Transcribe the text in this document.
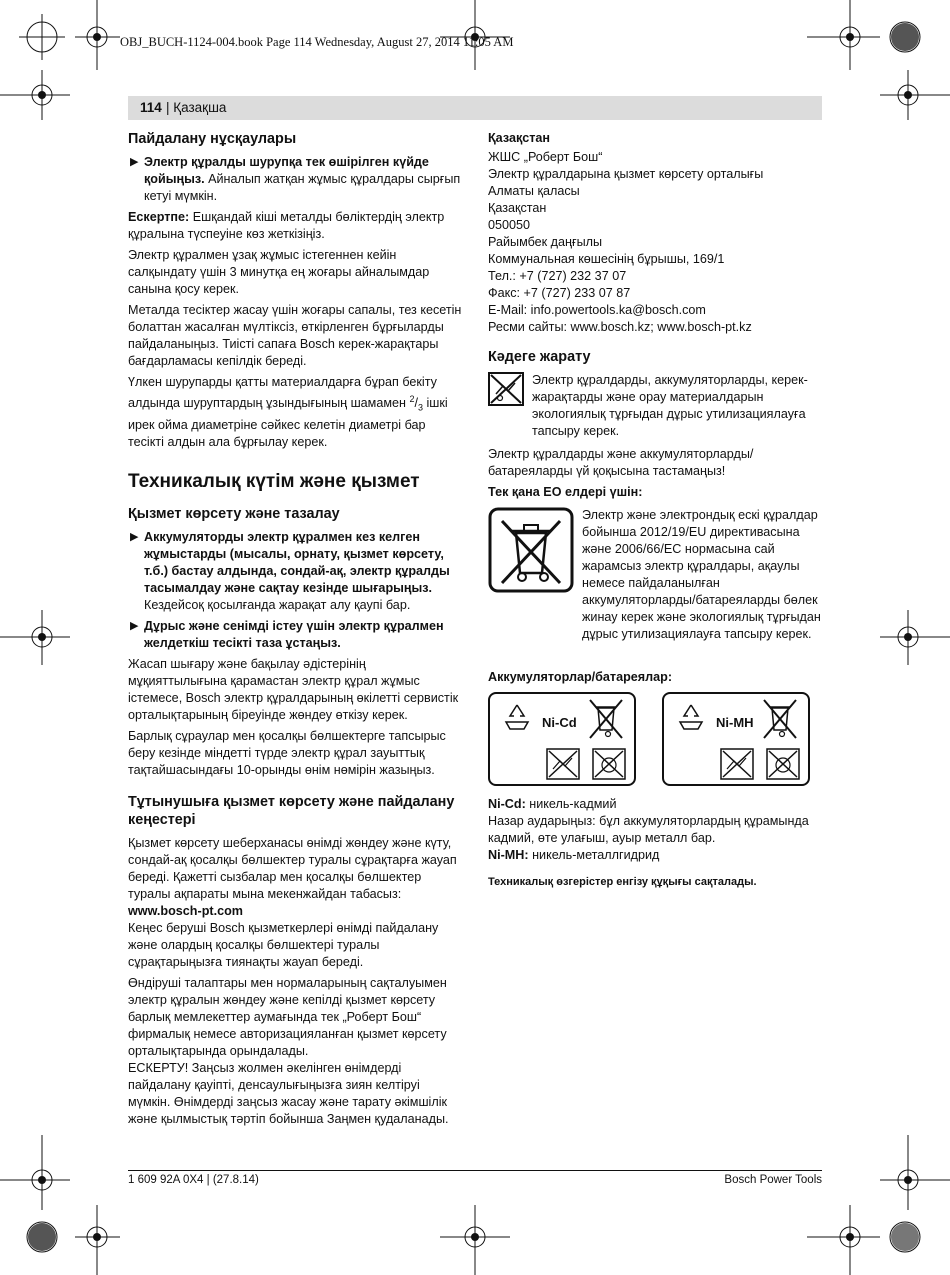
OBJ_BUCH-1124-004.book Page 114 Wednesday, August 27, 2014 11:05 AM
114 | Қазақша
Пайдалану нұсқаулары
▶ Электр құралды шурупқа тек өшірілген күйде қойыңыз. Айналып жатқан жұмыс құралдары сырғып кетуі мүмкін.

Ескертпе: Ешқандай кіші металды бөліктердің электр құралына түспеуіне көз жеткізіңіз.

Электр құралмен ұзақ жұмыс істегеннен кейін салқындату үшін 3 минутқа ең жоғары айналымдар санына қосу керек.

Металда тесіктер жасау үшін жоғары сапалы, тез кесетін болаттан жасалған мүлтіксіз, өткірленген бұрғыларды пайдаланыңыз. Тиісті сапаға Bosch керек-жарақтары бағдарламасы кепілдік береді.

Үлкен шурупарды қатты материалдарға бұрап бекіту алдында шуруптардың ұзындығының шамамен $^2/_3$ ішкі ирек ойма диаметріне сәйкес келетін диаметрі бар тесікті алдын ала бұрғылау керек.

Техникалық күтім және қызмет
Қызмет көрсету және тазалау
▶ Аккумуляторды электр құралмен кез келген жұмыстарды (мысалы, орнату, қызмет көрсету, т.б.) бастау алдында, сондай-ақ, электр құралды тасымалдау және сақтау кезінде шығарыңыз. Кездейсоқ қосылғанда жарақат алу қаупі бар.
▶ Дұрыс және сенімді істеу үшін электр құралмен желдеткіш тесікті таза ұстаңыз.

Жасап шығару және бақылау әдістерінің мұқияттылығына қарамастан электр құрал жұмыс істемесе, Bosch электр құралдарының өкілетті сервистік орталықтарының біреуінде жөндеу өткізу керек.

Барлық сұраулар мен қосалқы бөлшектерге тапсырыс беру кезінде міндетті түрде электр құрал зауыттық тақтайшасындағы 10-орынды өнім нөмірін жазыңыз.

Тұтынушыға қызмет көрсету және пайдалану кеңестері

Қызмет көрсету шеберханасы өнімді жөндеу және күту, сондай-ақ қосалқы бөлшектер туралы сұрақтарға жауап береді. Қажетті сызбалар мен қосалқы бөлшектер туралы ақпараты мына мекенжайдан табасыз:
www.bosch-pt.com

Кеңес беруші Bosch қызметкерлері өнімді пайдалану және олардың қосалқы бөлшектері туралы сұрақтарыңызға тиянақты жауап береді.

Өндіруші талаптары мен нормаларының сақталуымен электр құралын жөндеу және кепілді қызмет көрсету барлық мемлекеттер аумағында тек „Роберт Бош“ фирмалық немесе авторизацияланған қызмет көрсету орталықтарында орындалады.

ЕСКЕРТУ! Заңсыз жолмен әкелінген өнімдерді пайдалану қауіпті, денсаулығыңызға зиян келтіруі мүмкін. Өнімдерді заңсыз жасау және тарату әкімшілік және қылмыстық тәртіп бойынша Заңмен қудаланады.

Қазақстан
ЖШС „Роберт Бош“
Электр құралдарына қызмет көрсету орталығы
Алматы қаласы
Қазақстан
050050
Райымбек даңғылы
Коммунальная көшесінің бұрышы, 169/1
Тел.: +7 (727) 232 37 07
Факс: +7 (727) 233 07 87
E-Mail: info.powertools.ka@bosch.com
Ресми сайты: www.bosch.kz; www.bosch-pt.kz
Кәдеге жарату
Электр құралдарды, аккумуляторларды, керек-жарақтарды және орау материалдарын экологиялық тұрғыдан дұрыс утилизациялауға тапсыру керек.

Электр құралдарды және аккумуляторларды/батареяларды үй қоқысына тастамаңыз!

Тек қана ЕО елдері үшін:
Электр және электрондық ескі құралдар бойынша 2012/19/EU директивасына және 2006/66/EC нормасына сай жарамсыз электр құралдары, ақаулы немесе пайдаланылған аккумуляторларды/батареяларды бөлек жинау керек және экологиялық тұрғыдан дұрыс утилизациялауға тапсыру керек.
Аккумуляторлар/батареялар:
Ni-Cd	Ni-MH
Ni-Cd: никель-кадмий
Назар аударыңыз: бұл аккумуляторлардың құрамында кадмий, өте улағыш, ауыр металл бар.
Ni-MH: никель-металлгидрид
Техникалық өзгерістер енгізу құқығы сақталады.
1 609 92A 0X4 | (27.8.14)	Bosch Power Tools
